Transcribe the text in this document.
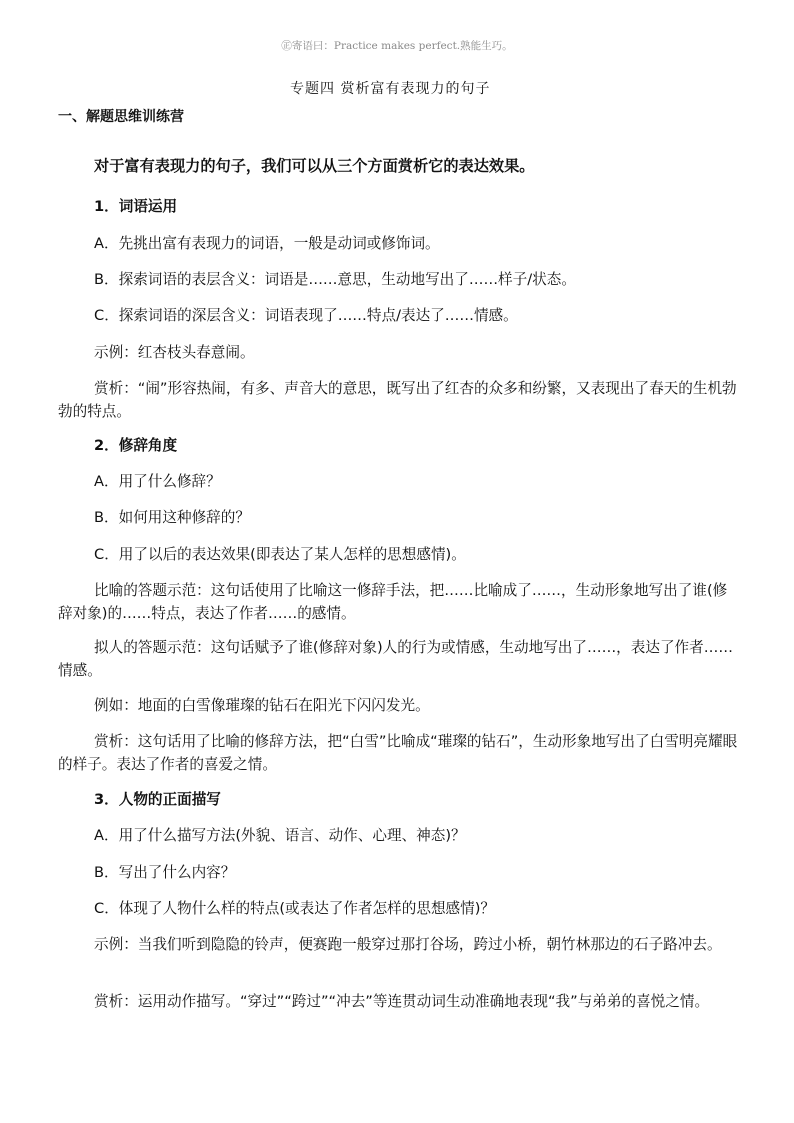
㊣寄语曰：Practice makes perfect.熟能生巧。
专题四 赏析富有表现力的句子
一、解题思维训练营

对于富有表现力的句子，我们可以从三个方面赏析它的表达效果。

1．词语运用

A．先挑出富有表现力的词语，一般是动词或修饰词。

B．探索词语的表层含义：词语是……意思，生动地写出了……样子/状态。

C．探索词语的深层含义：词语表现了……特点/表达了……情感。

示例：红杏枝头春意闹。

赏析：“闹”形容热闹，有多、声音大的意思，既写出了红杏的众多和纷繁，又表现出了春天的生机勃勃的特点。

2．修辞角度

A．用了什么修辞？

B．如何用这种修辞的？

C．用了以后的表达效果(即表达了某人怎样的思想感情)。

比喻的答题示范：这句话使用了比喻这一修辞手法，把……比喻成了……，生动形象地写出了谁(修辞对象)的……特点，表达了作者……的感情。

拟人的答题示范：这句话赋予了谁(修辞对象)人的行为或情感，生动地写出了……，表达了作者……情感。

例如：地面的白雪像璀璨的钻石在阳光下闪闪发光。

赏析：这句话用了比喻的修辞方法，把“白雪”比喻成“璀璨的钻石”，生动形象地写出了白雪明亮耀眼的样子。表达了作者的喜爱之情。

3．人物的正面描写

A．用了什么描写方法(外貌、语言、动作、心理、神态)？

B．写出了什么内容？

C．体现了人物什么样的特点(或表达了作者怎样的思想感情)？

示例：当我们听到隐隐的铃声，便赛跑一般穿过那打谷场，跨过小桥，朝竹林那边的石子路冲去。

赏析：运用动作描写。“穿过”“跨过”“冲去”等连贯动词生动准确地表现“我”与弟弟的喜悦之情。
